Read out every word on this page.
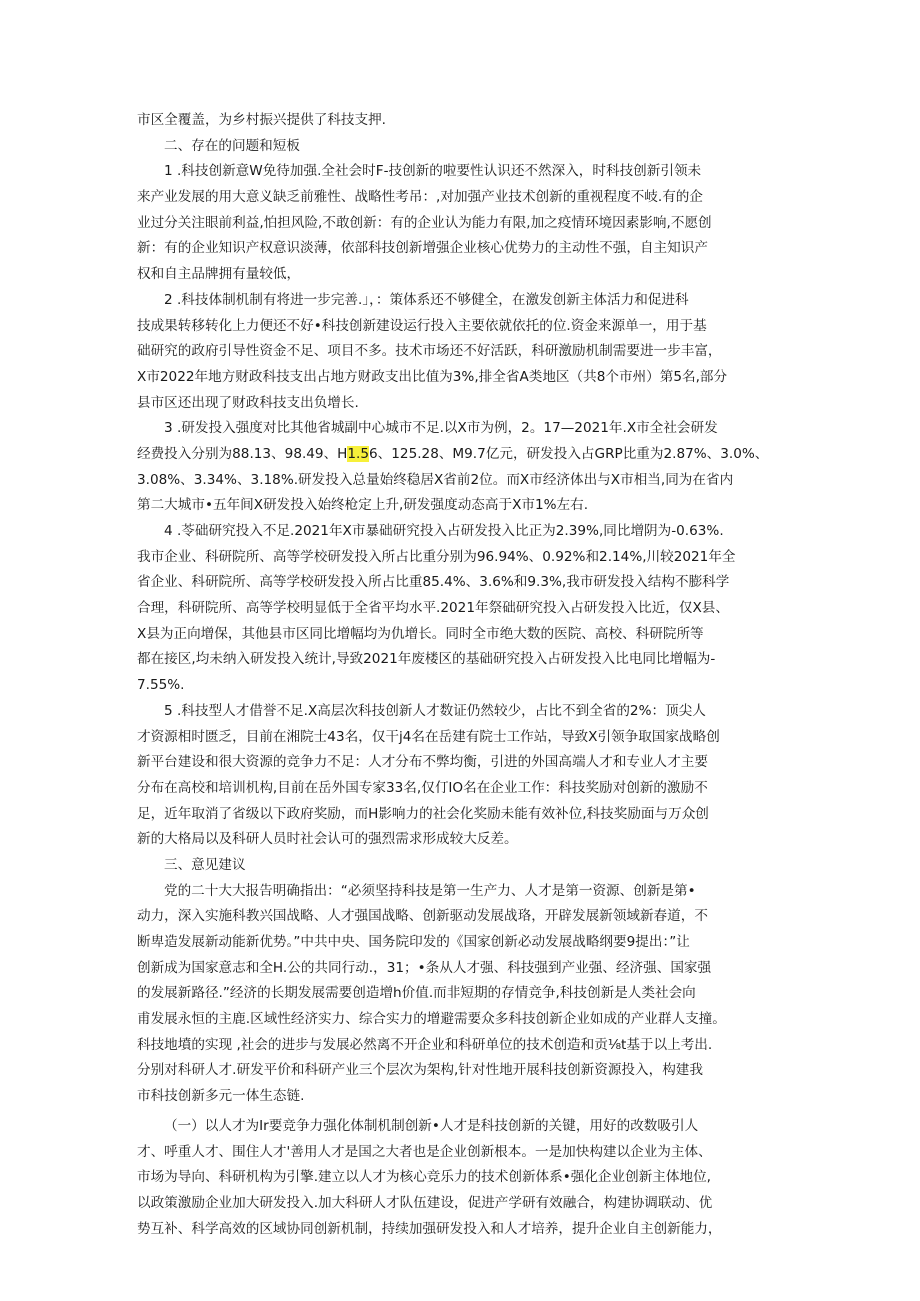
市区全覆盖，为乡村振兴提供了科技支押.
二、存在的问题和短板
1 .科技创新意W免待加强.全社会时F-技创新的啦要性认识还不然深入，时科技创新引领未
来产业发展的用大意义缺乏前雅性、战略性考吊：,对加强产业技术创新的重视程度不岐.有的企
业过分关注眼前利益,怕担风险,不敢创新：有的企业认为能力有限,加之疫情环境因素影响,不愿创
新：有的企业知识产权意识淡薄，依部科技创新增强企业核心优势力的主动性不强，自主知识产
权和自主品牌拥有量较低，
2 .科技体制机制有将进一步完善.」，：策体系还不够健全，在激发创新主体活力和促进科
技成果转移转化上力便还不好•科技创新建设运行投入主要依就依托的位.资金来源单一，用于基
础研究的政府引导性资金不足、项目不多。技术市场还不好活跃，科研激励机制需要进一步丰富，
X市2022年地方财政科技支出占地方财政支出比值为3%,排全省A类地区（共8个市州）第5名,部分
县市区还出现了财政科技支出负增长.
3 .研发投入强度对比其他省城副中心城市不足.以X市为例，2。17—2021年.X市全社会研发
经费投入分别为88.13、98.49、H1.56、125.28、M9.7亿元，研发投入占GRP比重为2.87%、3.0%、
3.08%、3.34%、3.18%.研发投入总量始终稳居X省前2位。而X市经济体出与X市相当,同为在省内
第二大城市•五年间X研发投入始终枪定上升,研发强度动态高于X市1%左右.
4 .苓础研究投入不足.2021年X市暴础研究投入占研发投入比正为2.39%,同比增阴为-0.63%.
我市企业、科研院所、高等学校研发投入所占比重分别为96.94%、0.92%和2.14%,川较2021年全
省企业、科研院所、高等学校研发投入所占比重85.4%、3.6%和9.3%,我市研发投入结构不膨科学
合理，科研院所、高等学校明显低于全省平均水平.2021年祭础研究投入占研发投入比近，仅X县、
X县为正向增保，其他县市区同比增幅均为仇增长。同时全市绝大数的医院、高校、科研院所等
都在接区,均未纳入研发投入统计,导致2021年废楼区的基础研究投入占研发投入比电同比增幅为-
7.55%.
5 .科技型人才借誉不足.X高层次科技创新人才数证仍然较少，占比不到全省的2%：顶尖人
才资源相时匮乏，目前在湘院士43名，仅干j4名在岳建有院士工作站，导致X引领争取国家战略创
新平台建设和很大资源的竞争力不足：人才分布不弊均衡，引进的外国高端人才和专业人才主要
分布在高校和培训机构,目前在岳外国专家33名,仅仃IO名在企业工作：科技奖励对创新的激励不
足，近年取消了省级以下政府奖励，而H影响力的社会化奖励未能有效补位,科技奖励面与万众创
新的大格局以及科研人员时社会认可的强烈需求形成较大反差。
三、意见建议
党的二十大大报告明确指出：“必须坚持科技是第一生产力、人才是第一资源、创新是第•
动力，深入实施科教兴国战略、人才强国战略、创新驱动发展战珞，开辟发展新领域新春道，不
断卑造发展新动能新优势。”中共中央、国务院印发的《国家创新必动发展战略纲要9提出：”让
创新成为国家意志和全H.公的共同行动.，31；•条从人才强、科技强到产业强、经济强、国家强
的发展新路径.”经济的长期发展需要创造增h价值.而非短期的存情竞争,科技创新是人类社会向
甫发展永恒的主鹿.区域性经济实力、综合实力的增避需要众多科技创新企业如成的产业群人支撞。
科技地墳的实现 ,社会的进步与发展必然离不开企业和科研单位的技术创造和贡⅛t基于以上考出.
分别对科研人才.研发平价和科研产业三个层次为架构,针对性地开展科技创新资源投入，构建我
市科技创新多元一体生态链.
（一）以人才为Ir要竞争力强化体制机制创新•人才是科技创新的关键，用好的改数吸引人
才、呼重人才、围住人才'善用人才是国之大者也是企业创新根本。一是加快构建以企业为主体、
市场为导向、科研机构为引擎.建立以人才为核心竞乐力的技术创新体系•强化企业创新主体地位,
以政策激励企业加大研发投入.加大科研人才队伍建设，促进产学研有效融合，构建协调联动、优
势互补、科学高效的区域协同创新机制，持续加强研发投入和人才培养，提升企业自主创新能力，
